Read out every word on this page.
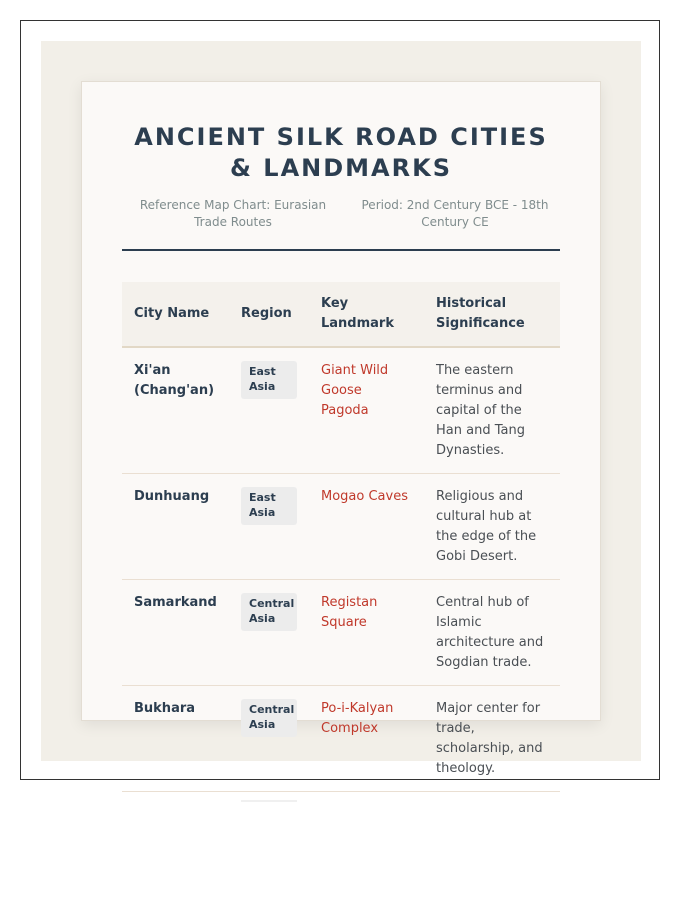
ANCIENT SILK ROAD CITIES & LANDMARKS
Reference Map Chart: Eurasian Trade Routes
Period: 2nd Century BCE - 18th Century CE
City Name	Region	Key Landmark	Historical Significance
Xi'an (Chang'an)	East Asia	Giant Wild Goose Pagoda	The eastern terminus and capital of the Han and Tang Dynasties.
Dunhuang	East Asia	Mogao Caves	Religious and cultural hub at the edge of the Gobi Desert.
Samarkand	Central Asia	Registan Square	Central hub of Islamic architecture and Sogdian trade.
Bukhara	Central Asia	Po-i-Kalyan Complex	Major center for trade, scholarship, and theology.
